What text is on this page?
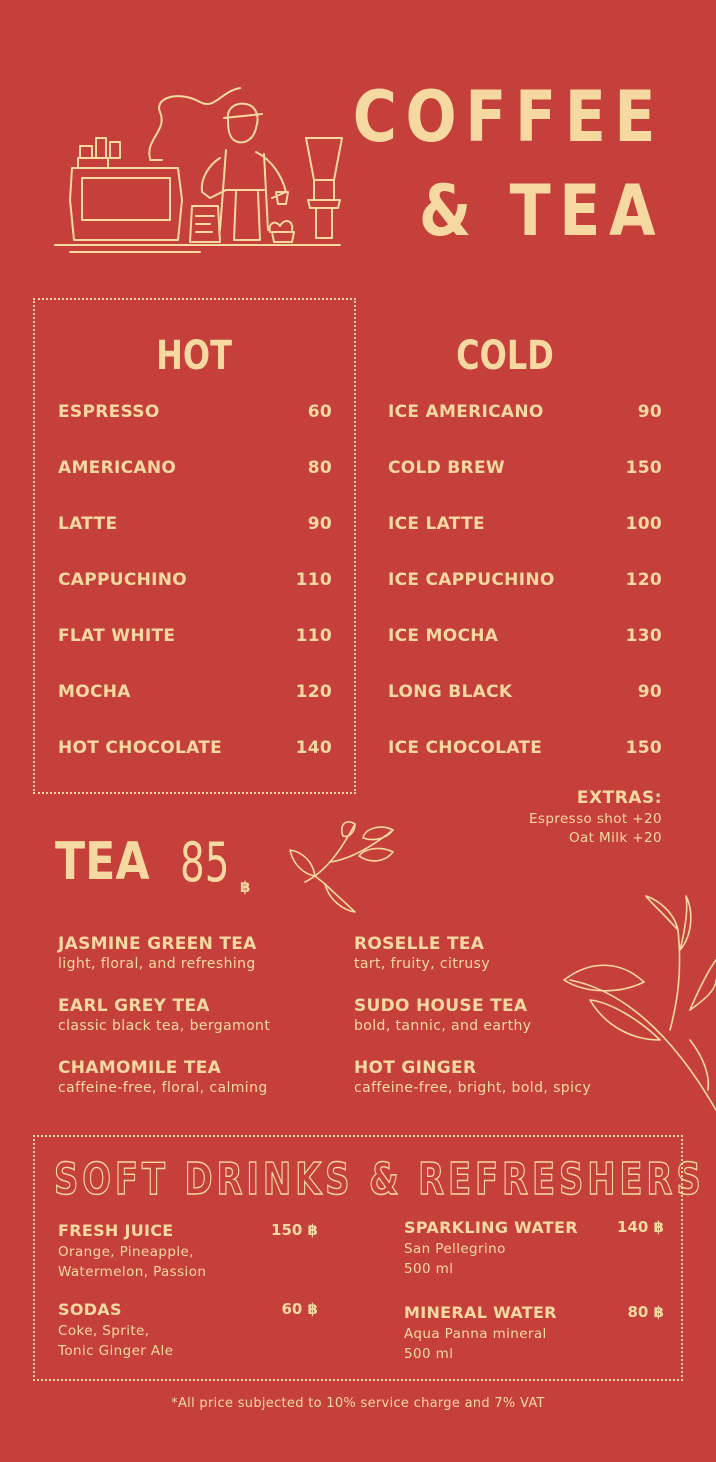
COFFEE
& TEA
HOT
ESPRESSO	60
AMERICANO	80
LATTE	90
CAPPUCHINO	110
FLAT WHITE	110
MOCHA	120
HOT CHOCOLATE	140
COLD
ICE AMERICANO	90
COLD BREW	150
ICE LATTE	100
ICE CAPPUCHINO	120
ICE MOCHA	130
LONG BLACK	90
ICE CHOCOLATE	150
EXTRAS:
Espresso shot +20
Oat Milk +20
TEA 85 ฿
JASMINE GREEN TEA
light, floral, and refreshing
ROSELLE TEA
tart, fruity, citrusy
EARL GREY TEA
classic black tea, bergamont
SUDO HOUSE TEA
bold, tannic, and earthy
CHAMOMILE TEA
caffeine-free, floral, calming
HOT GINGER
caffeine-free, bright, bold, spicy
SOFT DRINKS & REFRESHERS
FRESH JUICE	150 ฿
Orange, Pineapple,
Watermelon, Passion
SPARKLING WATER	140 ฿
San Pellegrino
500 ml
SODAS	60 ฿
Coke, Sprite,
Tonic Ginger Ale
MINERAL WATER	80 ฿
Aqua Panna mineral
500 ml
*All price subjected to 10% service charge and 7% VAT
